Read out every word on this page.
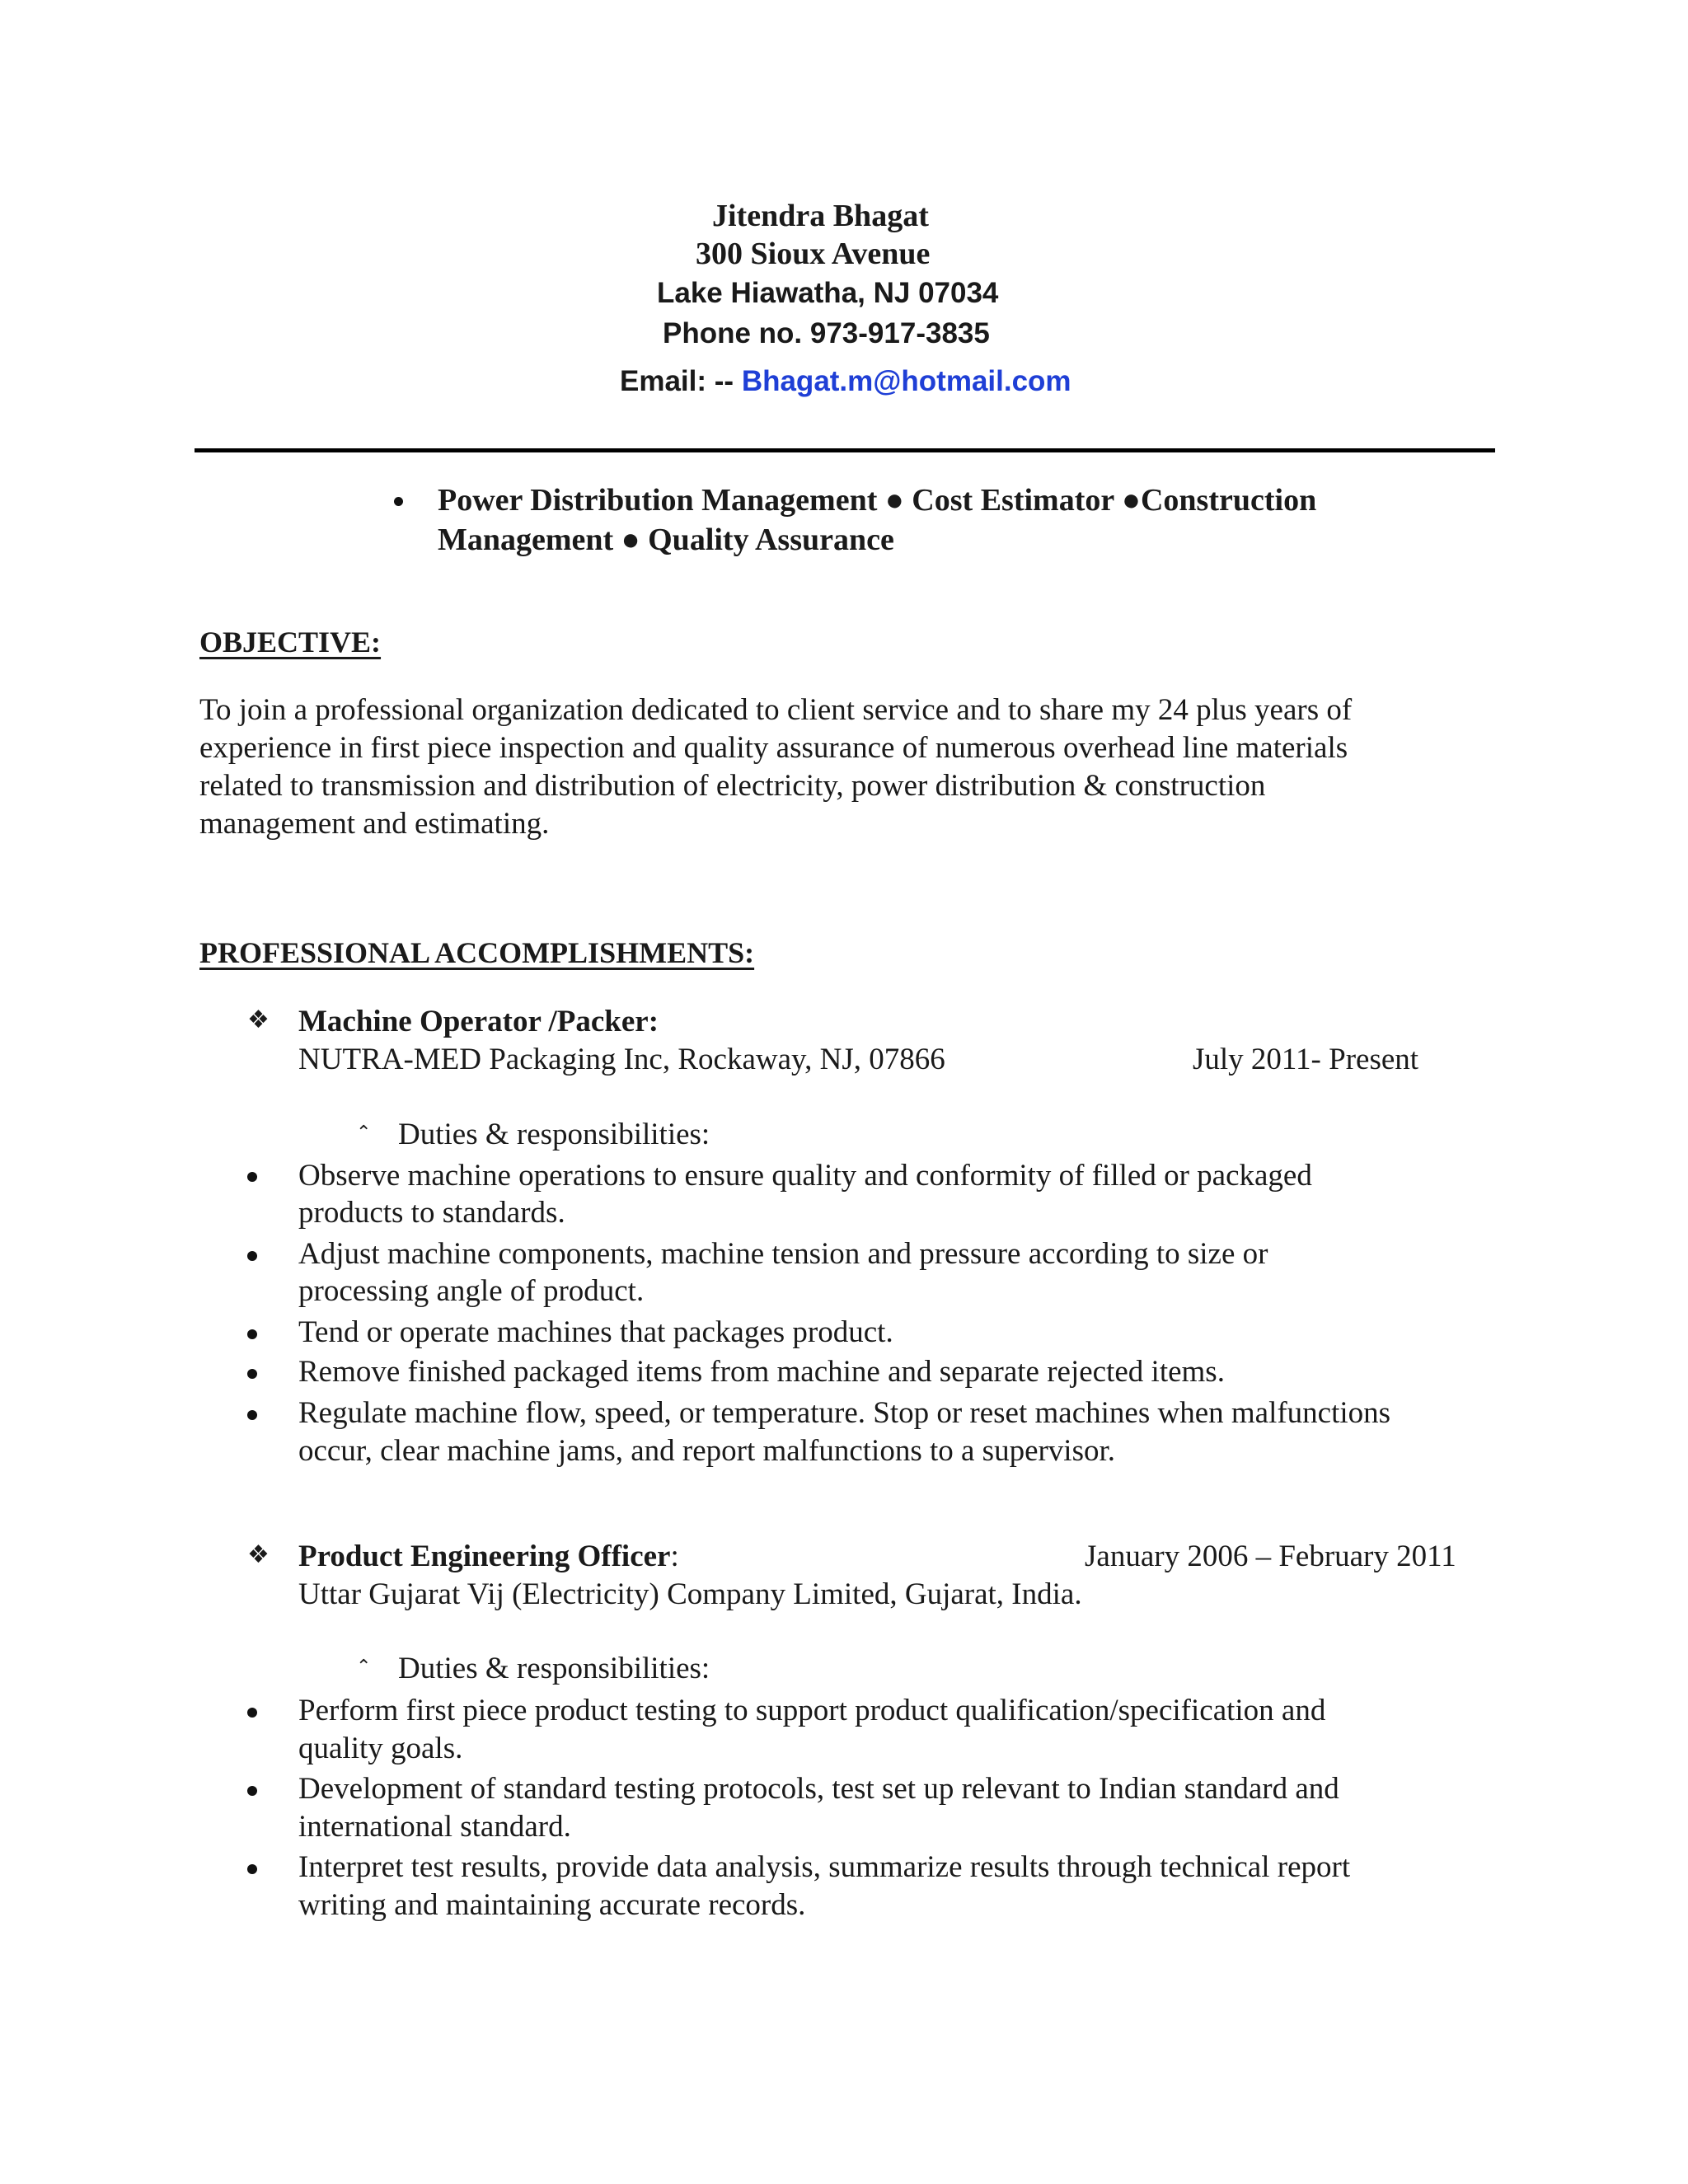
Jitendra Bhagat
300 Sioux Avenue
Lake Hiawatha, NJ 07034
Phone no. 973-917-3835
Email: -- Bhagat.m@hotmail.com
Power Distribution Management ● Cost Estimator ●Construction
Management ● Quality Assurance
OBJECTIVE:
To join a professional organization dedicated to client service and to share my 24 plus years of
experience in first piece inspection and quality assurance of numerous overhead line materials
related to transmission and distribution of electricity, power distribution & construction
management and estimating.
PROFESSIONAL ACCOMPLISHMENTS:
❖ Machine Operator /Packer:
NUTRA-MED Packaging Inc, Rockaway, NJ, 07866	July 2011- Present
⌃ Duties & responsibilities:
Observe machine operations to ensure quality and conformity of filled or packaged
products to standards.
Adjust machine components, machine tension and pressure according to size or
processing angle of product.
Tend or operate machines that packages product.
Remove finished packaged items from machine and separate rejected items.
Regulate machine flow, speed, or temperature. Stop or reset machines when malfunctions
occur, clear machine jams, and report malfunctions to a supervisor.
❖ Product Engineering Officer:	January 2006 – February 2011
Uttar Gujarat Vij (Electricity) Company Limited, Gujarat, India.
⌃ Duties & responsibilities:
Perform first piece product testing to support product qualification/specification and
quality goals.
Development of standard testing protocols, test set up relevant to Indian standard and
international standard.
Interpret test results, provide data analysis, summarize results through technical report
writing and maintaining accurate records.
